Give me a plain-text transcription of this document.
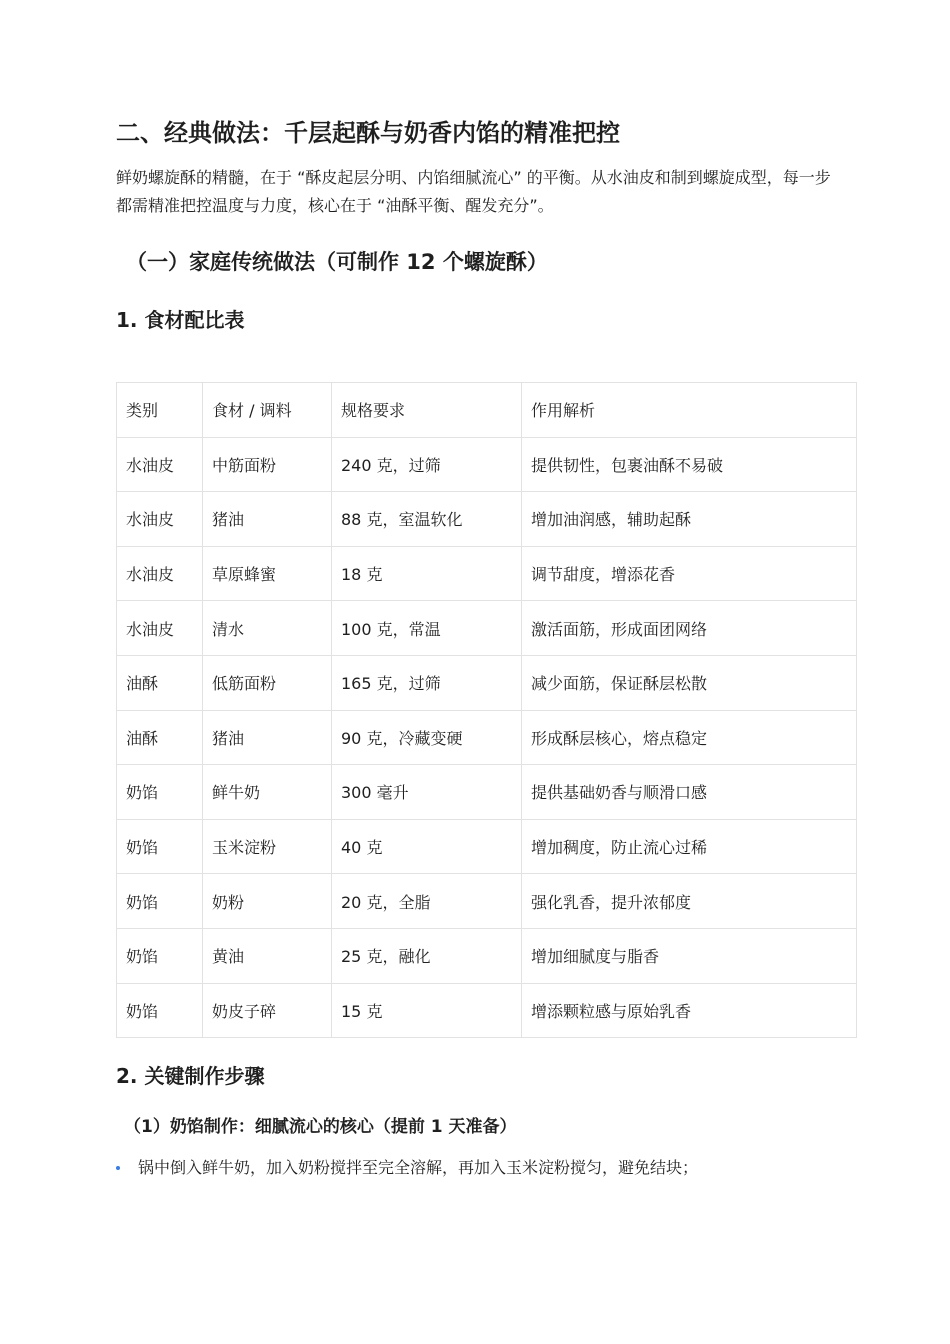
二、经典做法：千层起酥与奶香内馅的精准把控

鲜奶螺旋酥的精髓，在于 “酥皮起层分明、内馅细腻流心” 的平衡。从水油皮和制到螺旋成型，每一步都需精准把控温度与力度，核心在于 “油酥平衡、醒发充分”。

（一）家庭传统做法（可制作 12 个螺旋酥）
1. 食材配比表
类别	食材 / 调料	规格要求	作用解析
水油皮	中筋面粉	240 克，过筛	提供韧性，包裹油酥不易破
水油皮	猪油	88 克，室温软化	增加油润感，辅助起酥
水油皮	草原蜂蜜	18 克	调节甜度，增添花香
水油皮	清水	100 克，常温	激活面筋，形成面团网络
油酥	低筋面粉	165 克，过筛	减少面筋，保证酥层松散
油酥	猪油	90 克，冷藏变硬	形成酥层核心，熔点稳定
奶馅	鲜牛奶	300 毫升	提供基础奶香与顺滑口感
奶馅	玉米淀粉	40 克	增加稠度，防止流心过稀
奶馅	奶粉	20 克，全脂	强化乳香，提升浓郁度
奶馅	黄油	25 克，融化	增加细腻度与脂香
奶馅	奶皮子碎	15 克	增添颗粒感与原始乳香
2. 关键制作步骤
（1）奶馅制作：细腻流心的核心（提前 1 天准备）
锅中倒入鲜牛奶，加入奶粉搅拌至完全溶解，再加入玉米淀粉搅匀，避免结块；
